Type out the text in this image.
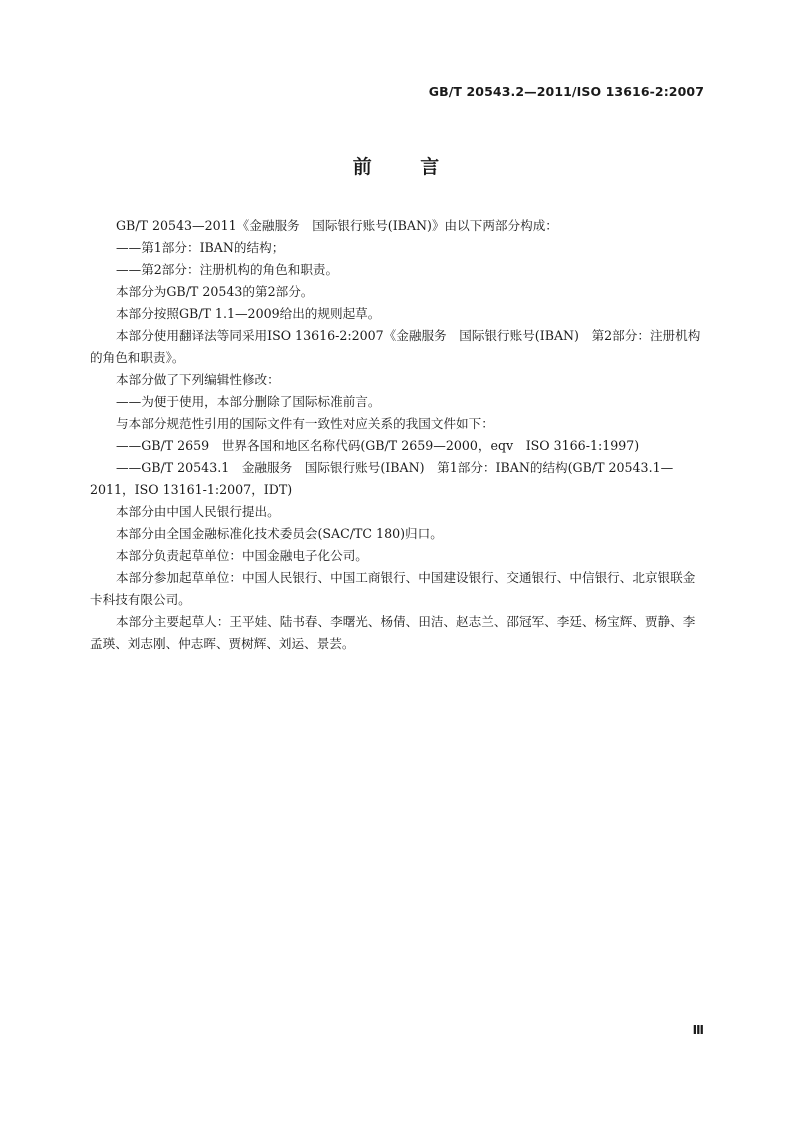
GB/T 20543.2—2011/ISO 13616-2:2007
前 言

GB/T 20543—2011《金融服务　国际银行账号(IBAN)》由以下两部分构成：

——第1部分：IBAN的结构；

——第2部分：注册机构的角色和职责。

本部分为GB/T 20543的第2部分。

本部分按照GB/T 1.1—2009给出的规则起草。

本部分使用翻译法等同采用ISO 13616-2:2007《金融服务　国际银行账号(IBAN)　第2部分：注册机构的角色和职责》。

本部分做了下列编辑性修改：

——为便于使用，本部分删除了国际标准前言。

与本部分规范性引用的国际文件有一致性对应关系的我国文件如下：

——GB/T 2659　世界各国和地区名称代码(GB/T 2659—2000，eqv　ISO 3166-1:1997)

——GB/T 20543.1　金融服务　国际银行账号(IBAN)　第1部分：IBAN的结构(GB/T 20543.1—2011，ISO 13161-1:2007，IDT)

本部分由中国人民银行提出。

本部分由全国金融标准化技术委员会(SAC/TC 180)归口。

本部分负责起草单位：中国金融电子化公司。

本部分参加起草单位：中国人民银行、中国工商银行、中国建设银行、交通银行、中信银行、北京银联金卡科技有限公司。

本部分主要起草人：王平娃、陆书春、李曙光、杨倩、田洁、赵志兰、邵冠军、李廷、杨宝辉、贾静、李孟瑛、刘志刚、仲志晖、贾树辉、刘运、景芸。

Ⅲ
